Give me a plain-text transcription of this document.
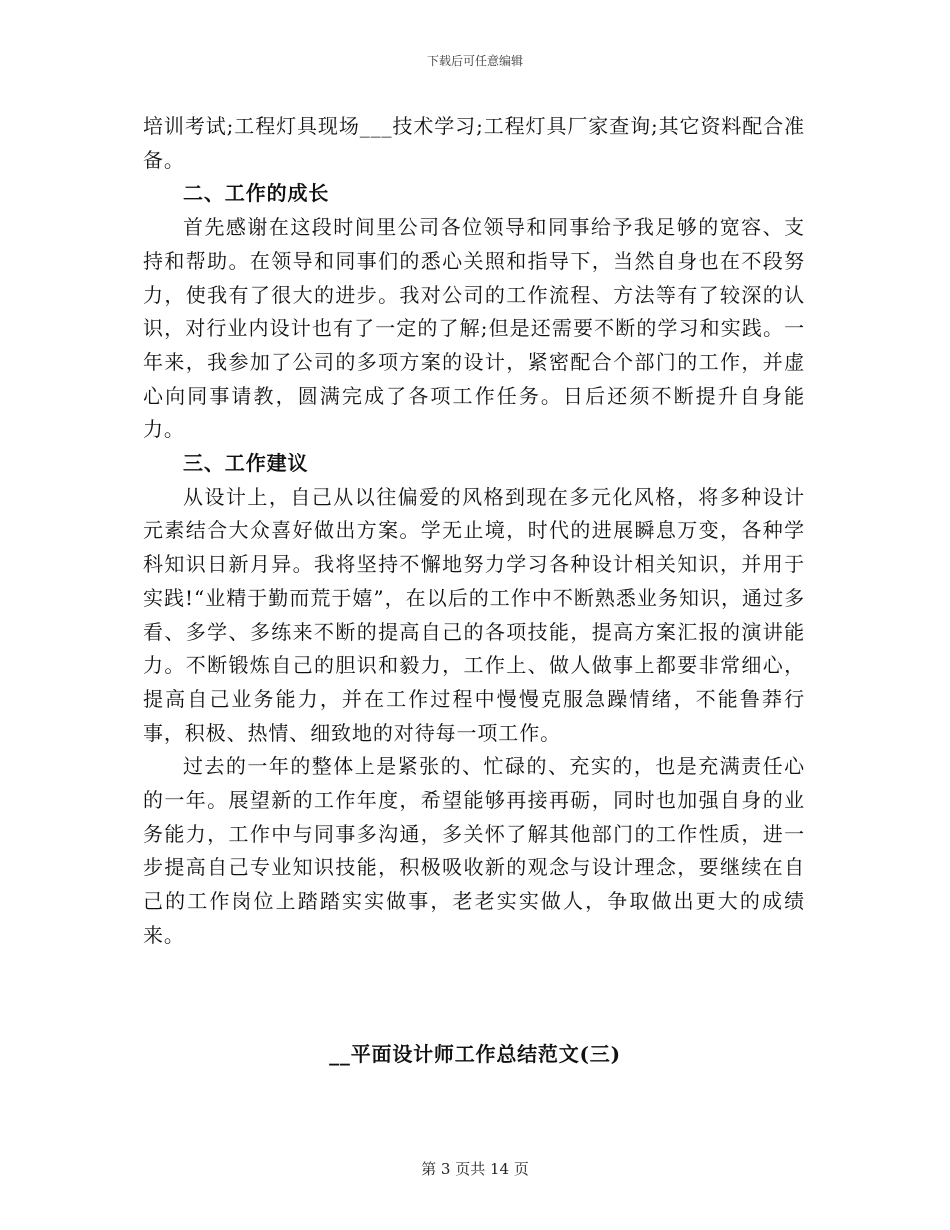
下载后可任意编辑

培训考试;工程灯具现场___技术学习;工程灯具厂家查询;其它资料配合准备。

二、工作的成长

首先感谢在这段时间里公司各位领导和同事给予我足够的宽容、支持和帮助。在领导和同事们的悉心关照和指导下，当然自身也在不段努力，使我有了很大的进步。我对公司的工作流程、方法等有了较深的认识，对行业内设计也有了一定的了解;但是还需要不断的学习和实践。一年来，我参加了公司的多项方案的设计，紧密配合个部门的工作，并虚心向同事请教，圆满完成了各项工作任务。日后还须不断提升自身能力。

三、工作建议

从设计上，自己从以往偏爱的风格到现在多元化风格，将多种设计元素结合大众喜好做出方案。学无止境，时代的进展瞬息万变，各种学科知识日新月异。我将坚持不懈地努力学习各种设计相关知识，并用于实践!“业精于勤而荒于嬉”，在以后的工作中不断熟悉业务知识，通过多看、多学、多练来不断的提高自己的各项技能，提高方案汇报的演讲能力。不断锻炼自己的胆识和毅力，工作上、做人做事上都要非常细心，提高自己业务能力，并在工作过程中慢慢克服急躁情绪，不能鲁莽行事，积极、热情、细致地的对待每一项工作。

过去的一年的整体上是紧张的、忙碌的、充实的，也是充满责任心的一年。展望新的工作年度，希望能够再接再砺，同时也加强自身的业务能力，工作中与同事多沟通，多关怀了解其他部门的工作性质，进一步提高自己专业知识技能，积极吸收新的观念与设计理念，要继续在自己的工作岗位上踏踏实实做事，老老实实做人，争取做出更大的成绩来。

__平面设计师工作总结范文(三)
第 3 页共 14 页
